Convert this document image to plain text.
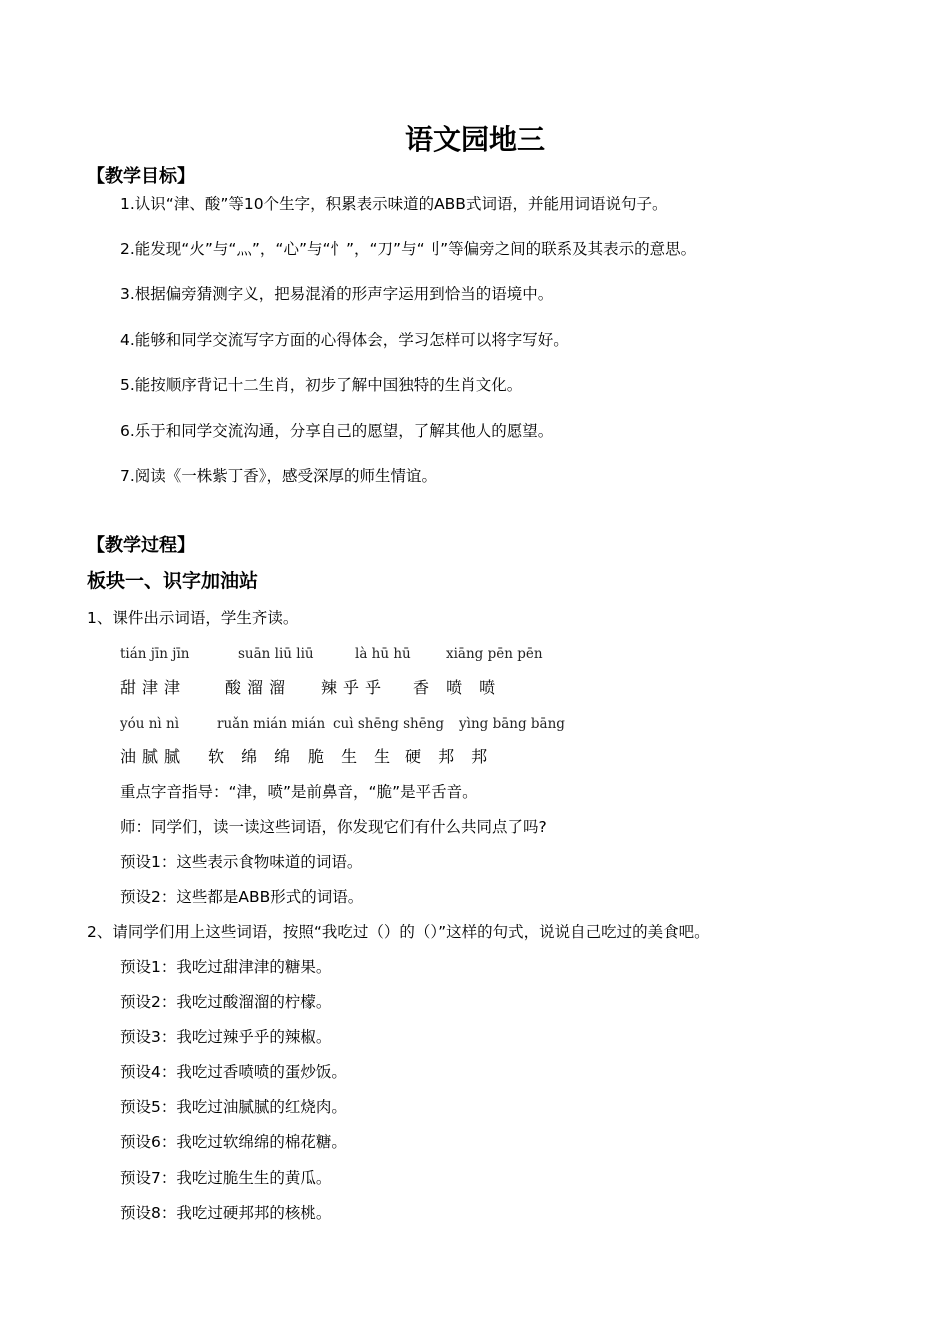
语文园地三
【教学目标】
1.认识“津、酸”等10个生字，积累表示味道的ABB式词语，并能用词语说句子。
2.能发现“火”与“灬”，“心”与“忄”，“刀”与“刂”等偏旁之间的联系及其表示的意思。
3.根据偏旁猜测字义，把易混淆的形声字运用到恰当的语境中。
4.能够和同学交流写字方面的心得体会，学习怎样可以将字写好。
5.能按顺序背记十二生肖，初步了解中国独特的生肖文化。
6.乐于和同学交流沟通，分享自己的愿望，了解其他人的愿望。
7.阅读《一株紫丁香》，感受深厚的师生情谊。
【教学过程】
板块一、识字加油站
1、课件出示词语，学生齐读。
tián jīn jīn	suān liū liū	là hū hū	xiāng pēn pēn
甜津津 酸溜溜 辣乎乎 香 喷 喷
yóu nì nì	ruǎn mián mián cuì shēng shēng yìng bāng bāng
油腻腻 软 绵 绵 脆 生 生 硬 邦 邦
重点字音指导：“津，喷”是前鼻音，“脆”是平舌音。
师：同学们，读一读这些词语，你发现它们有什么共同点了吗?
预设1：这些表示食物味道的词语。
预设2：这些都是ABB形式的词语。
2、请同学们用上这些词语，按照“我吃过（）的（）”这样的句式，说说自己吃过的美食吧。
预设1：我吃过甜津津的糖果。
预设2：我吃过酸溜溜的柠檬。
预设3：我吃过辣乎乎的辣椒。
预设4：我吃过香喷喷的蛋炒饭。
预设5：我吃过油腻腻的红烧肉。
预设6：我吃过软绵绵的棉花糖。
预设7：我吃过脆生生的黄瓜。
预设8：我吃过硬邦邦的核桃。
